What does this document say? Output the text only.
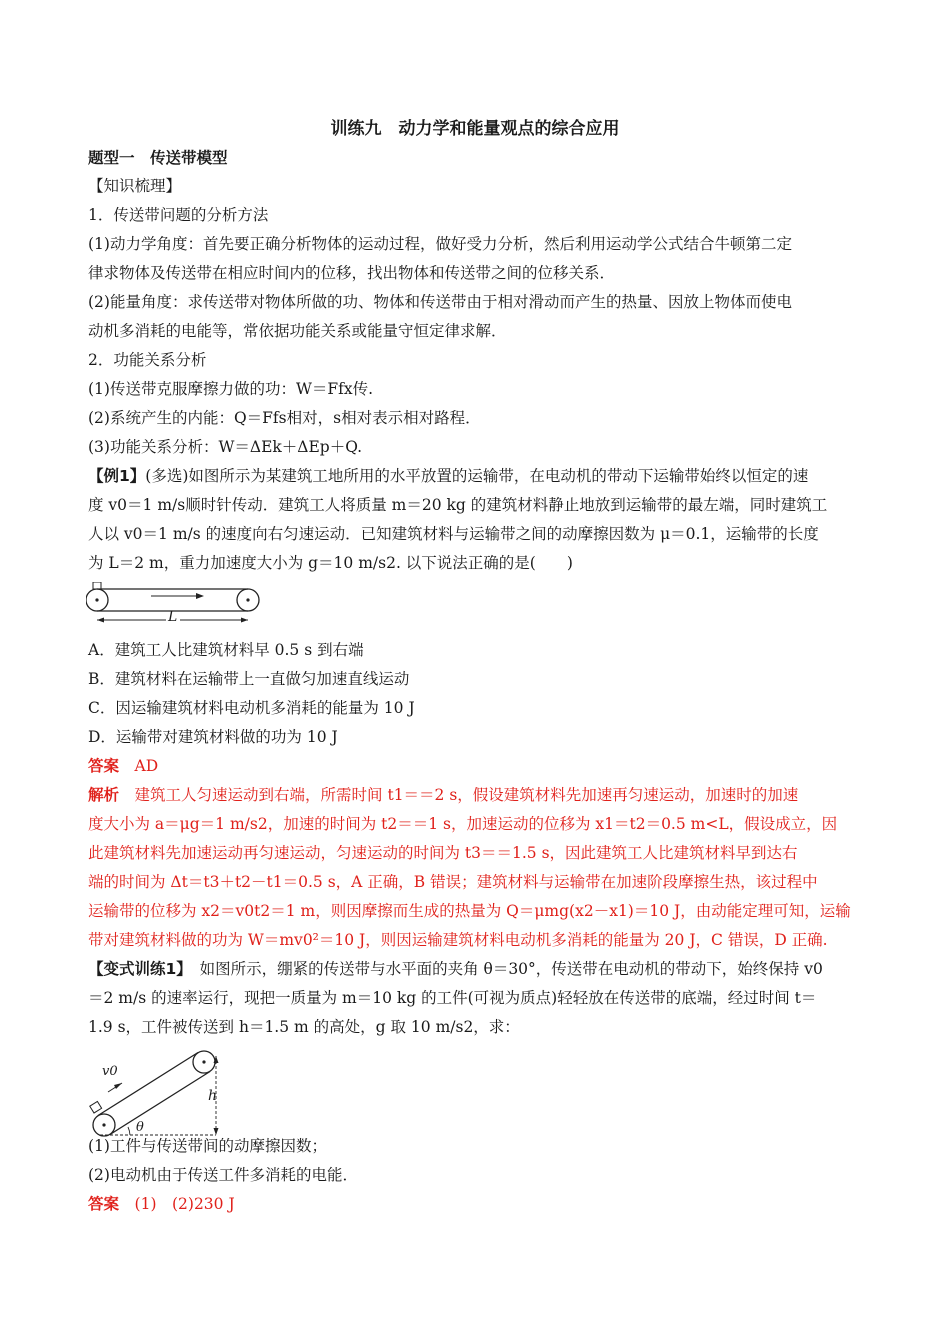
训练九　动力学和能量观点的综合应用
题型一　传送带模型
【知识梳理】
1．传送带问题的分析方法
(1)动力学角度：首先要正确分析物体的运动过程，做好受力分析，然后利用运动学公式结合牛顿第二定
律求物体及传送带在相应时间内的位移，找出物体和传送带之间的位移关系．
(2)能量角度：求传送带对物体所做的功、物体和传送带由于相对滑动而产生的热量、因放上物体而使电
动机多消耗的电能等，常依据功能关系或能量守恒定律求解．
2．功能关系分析
(1)传送带克服摩擦力做的功：W＝Ffx传.
(2)系统产生的内能：Q＝Ffs相对，s相对表示相对路程．
(3)功能关系分析：W＝ΔEk＋ΔEp＋Q.
【例1】(多选)如图所示为某建筑工地所用的水平放置的运输带，在电动机的带动下运输带始终以恒定的速
度 v0＝1 m/s顺时针传动．建筑工人将质量 m＝20 kg 的建筑材料静止地放到运输带的最左端，同时建筑工
人以 v0＝1 m/s 的速度向右匀速运动．已知建筑材料与运输带之间的动摩擦因数为 μ＝0.1，运输带的长度
为 L＝2 m，重力加速度大小为 g＝10 m/s2. 以下说法正确的是(　　)
L
A．建筑工人比建筑材料早 0.5 s 到右端
B．建筑材料在运输带上一直做匀加速直线运动
C．因运输建筑材料电动机多消耗的能量为 10 J
D．运输带对建筑材料做的功为 10 J
答案　 AD
解析　 建筑工人匀速运动到右端，所需时间 t1＝＝2 s，假设建筑材料先加速再匀速运动，加速时的加速
度大小为 a＝μg＝1 m/s2，加速的时间为 t2＝＝1 s，加速运动的位移为 x1＝t2＝0.5 m<L，假设成立，因
此建筑材料先加速运动再匀速运动，匀速运动的时间为 t3＝＝1.5 s，因此建筑工人比建筑材料早到达右
端的时间为 Δt＝t3＋t2－t1＝0.5 s，A 正确，B 错误；建筑材料与运输带在加速阶段摩擦生热，该过程中
运输带的位移为 x2＝v0t2＝1 m，则因摩擦而生成的热量为 Q＝μmg(x2－x1)＝10 J，由动能定理可知，运输
带对建筑材料做的功为 W＝mv0²＝10 J，则因运输建筑材料电动机多消耗的能量为 20 J，C 错误，D 正确.
【变式训练1】　 如图所示，绷紧的传送带与水平面的夹角 θ＝30°，传送带在电动机的带动下，始终保持 v0
＝2 m/s 的速率运行，现把一质量为 m＝10 kg 的工件(可视为质点)轻轻放在传送带的底端，经过时间 t＝
1.9 s，工件被传送到 h＝1.5 m 的高处，g 取 10 m/s2，求：
v0
h
θ
(1)工件与传送带间的动摩擦因数；
(2)电动机由于传送工件多消耗的电能．
答案　 (1)　(2)230 J
